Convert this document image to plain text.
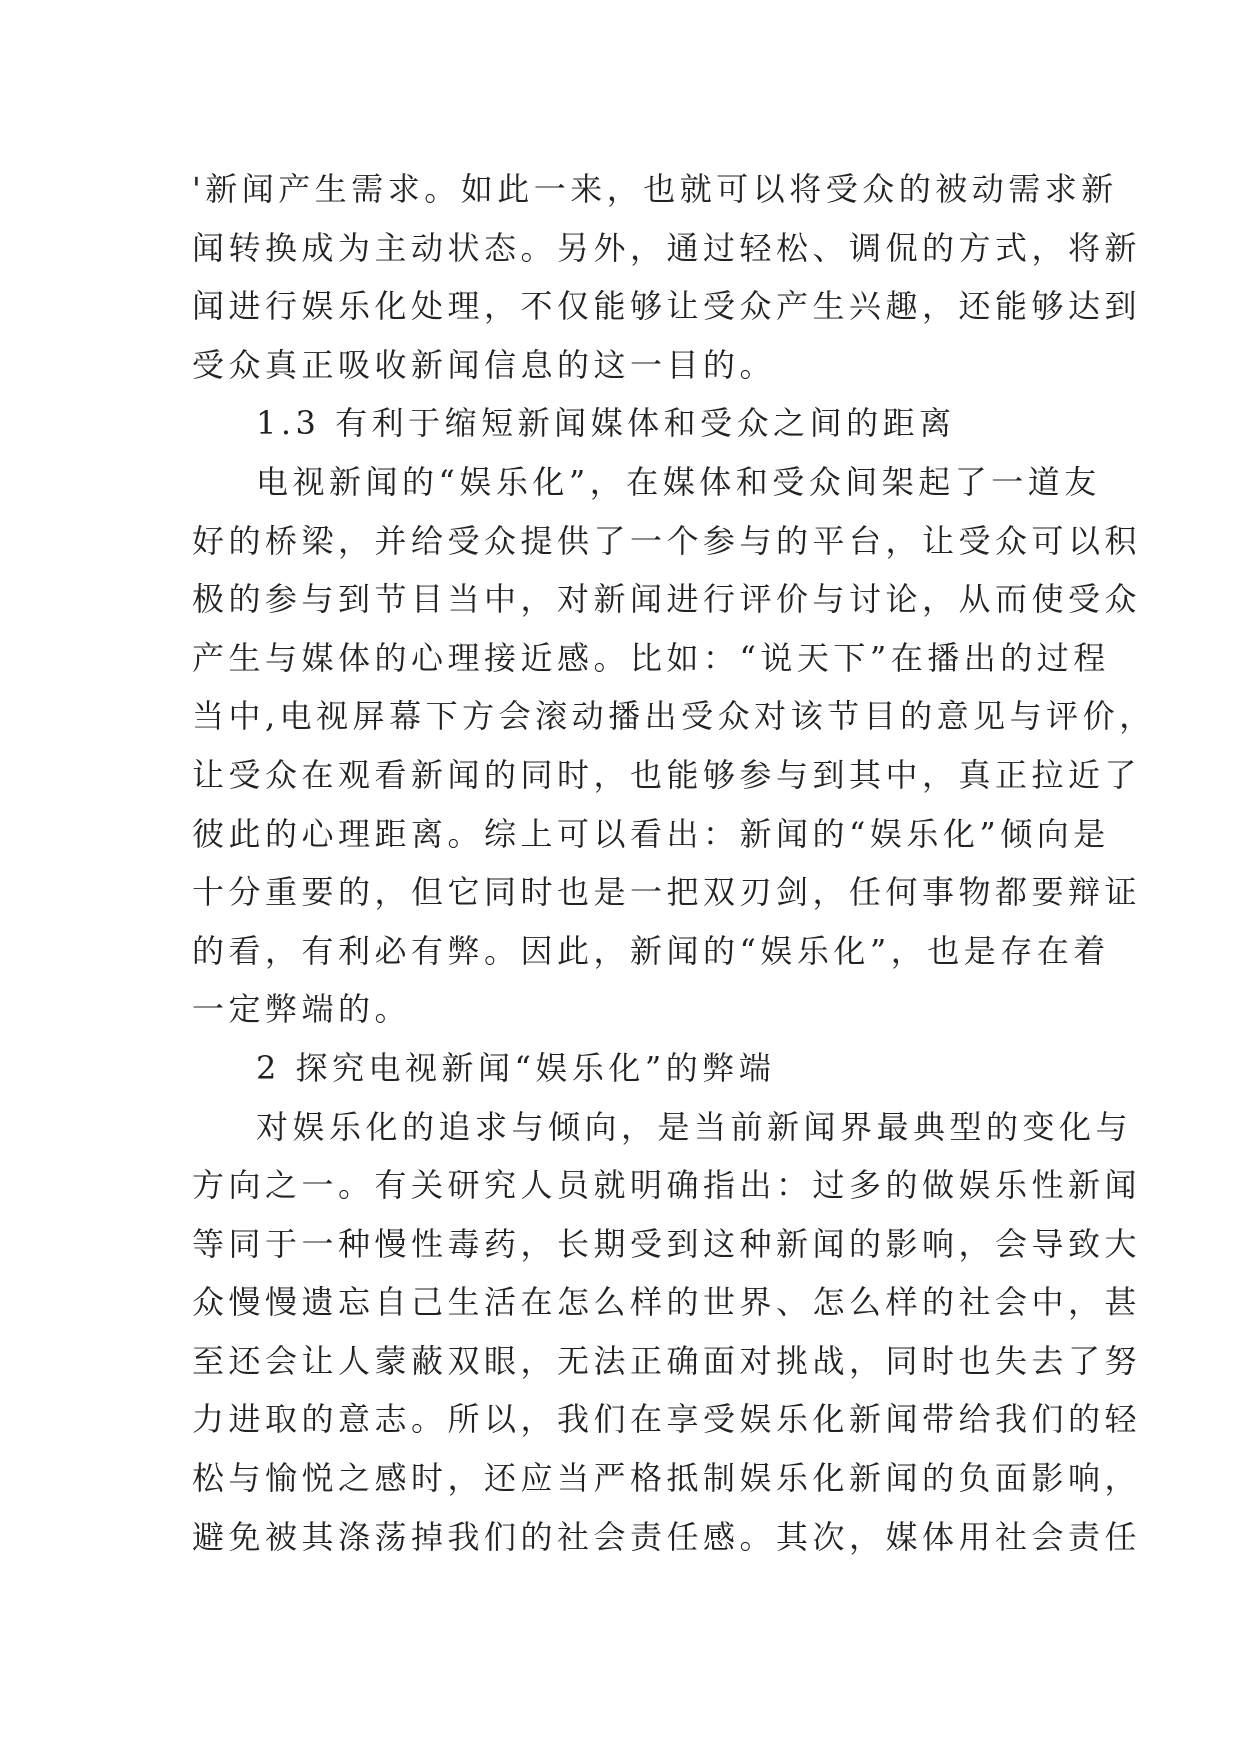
'新闻产生需求。如此一来，也就可以将受众的被动需求新
闻转换成为主动状态。另外，通过轻松、调侃的方式，将新
闻进行娱乐化处理，不仅能够让受众产生兴趣，还能够达到
受众真正吸收新闻信息的这一目的。
1.3 有利于缩短新闻媒体和受众之间的距离
电视新闻的“娱乐化”，在媒体和受众间架起了一道友
好的桥梁，并给受众提供了一个参与的平台，让受众可以积
极的参与到节目当中，对新闻进行评价与讨论，从而使受众
产生与媒体的心理接近感。比如：“说天下”在播出的过程
当中,电视屏幕下方会滚动播出受众对该节目的意见与评价，
让受众在观看新闻的同时，也能够参与到其中，真正拉近了
彼此的心理距离。综上可以看出：新闻的“娱乐化”倾向是
十分重要的，但它同时也是一把双刃剑，任何事物都要辩证
的看，有利必有弊。因此，新闻的“娱乐化”，也是存在着
一定弊端的。
2 探究电视新闻“娱乐化”的弊端
对娱乐化的追求与倾向，是当前新闻界最典型的变化与
方向之一。有关研究人员就明确指出：过多的做娱乐性新闻
等同于一种慢性毒药，长期受到这种新闻的影响，会导致大
众慢慢遗忘自己生活在怎么样的世界、怎么样的社会中，甚
至还会让人蒙蔽双眼，无法正确面对挑战，同时也失去了努
力进取的意志。所以，我们在享受娱乐化新闻带给我们的轻
松与愉悦之感时，还应当严格抵制娱乐化新闻的负面影响，
避免被其涤荡掉我们的社会责任感。其次，媒体用社会责任
